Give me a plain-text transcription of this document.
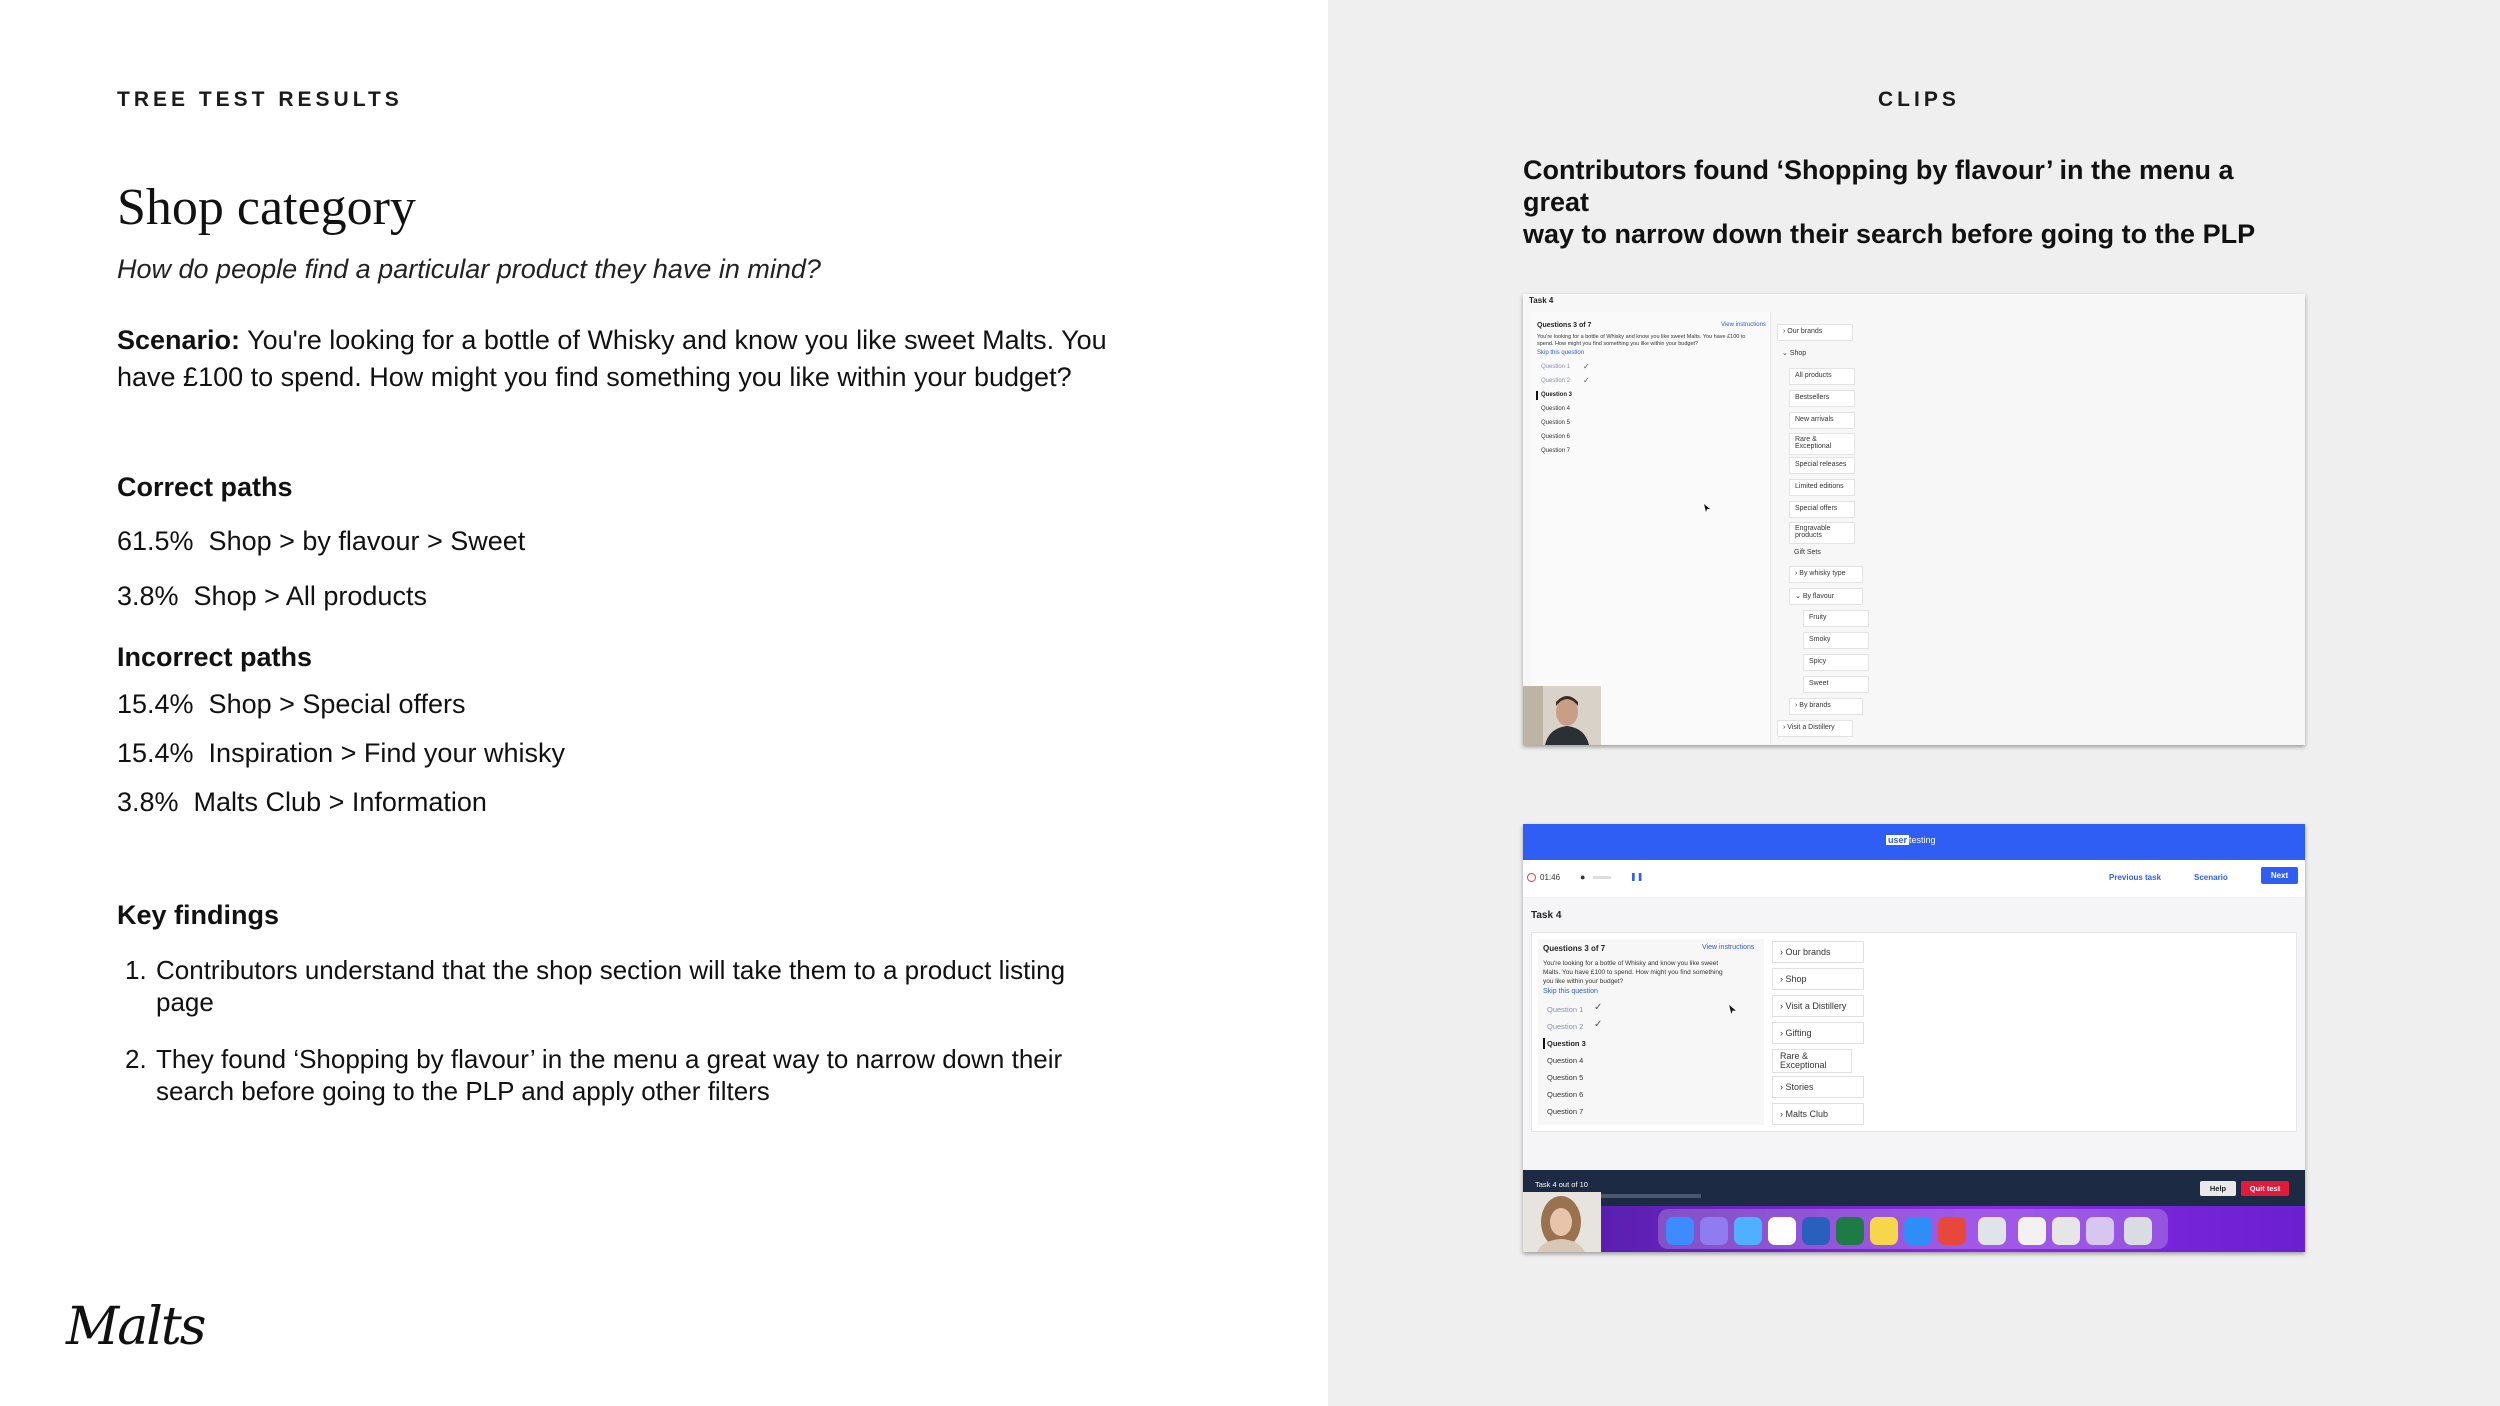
TREE TEST RESULTS
Shop category
How do people find a particular product they have in mind?
Scenario: You're looking for a bottle of Whisky and know you like sweet Malts. You
have £100 to spend. How might you find something you like within your budget?
Correct paths
61.5%  Shop > by flavour > Sweet
3.8%  Shop > All products
Incorrect paths
15.4%  Shop > Special offers
15.4%  Inspiration > Find your whisky
3.8%  Malts Club > Information
Key findings
1. Contributors understand that the shop section will take them to a product listing
page
2. They found ‘Shopping by flavour’ in the menu a great way to narrow down their
search before going to the PLP and apply other filters
Malts
CLIPS
Contributors found ‘Shopping by flavour’ in the menu a great
way to narrow down their search before going to the PLP
Task 4
Questions 3 of 7	View instructions
You're looking for a bottle of Whisky and know you like sweet Malts. You have £100 to
spend. How might you find something you like within your budget?
Skip this question
Question 1 ✓
Question 2 ✓
Question 3
Question 4
Question 5
Question 6
Question 7
› Our brands
⌄ Shop
All products
Bestsellers
New arrivals
Rare &
Exceptional
Special releases
Limited editions
Special offers
Engravable
products
Gift Sets
› By whisky type
⌄ By flavour
Fruity
Smoky
Spicy
Sweet
› By brands
› Visit a Distillery
user testing
01:46 ●	❚❚	Previous task	Scenario	Next
Task 4
Questions 3 of 7	View instructions
You're looking for a bottle of Whisky and know you like sweet
Malts. You have £100 to spend. How might you find something
you like within your budget?
Skip this question
Question 1 ✓
Question 2 ✓
Question 3
Question 4
Question 5
Question 6
Question 7
› Our brands
› Shop
› Visit a Distillery
› Gifting
Rare &
Exceptional
› Stories
› Malts Club
Task 4 out of 10	Help	Quit test
